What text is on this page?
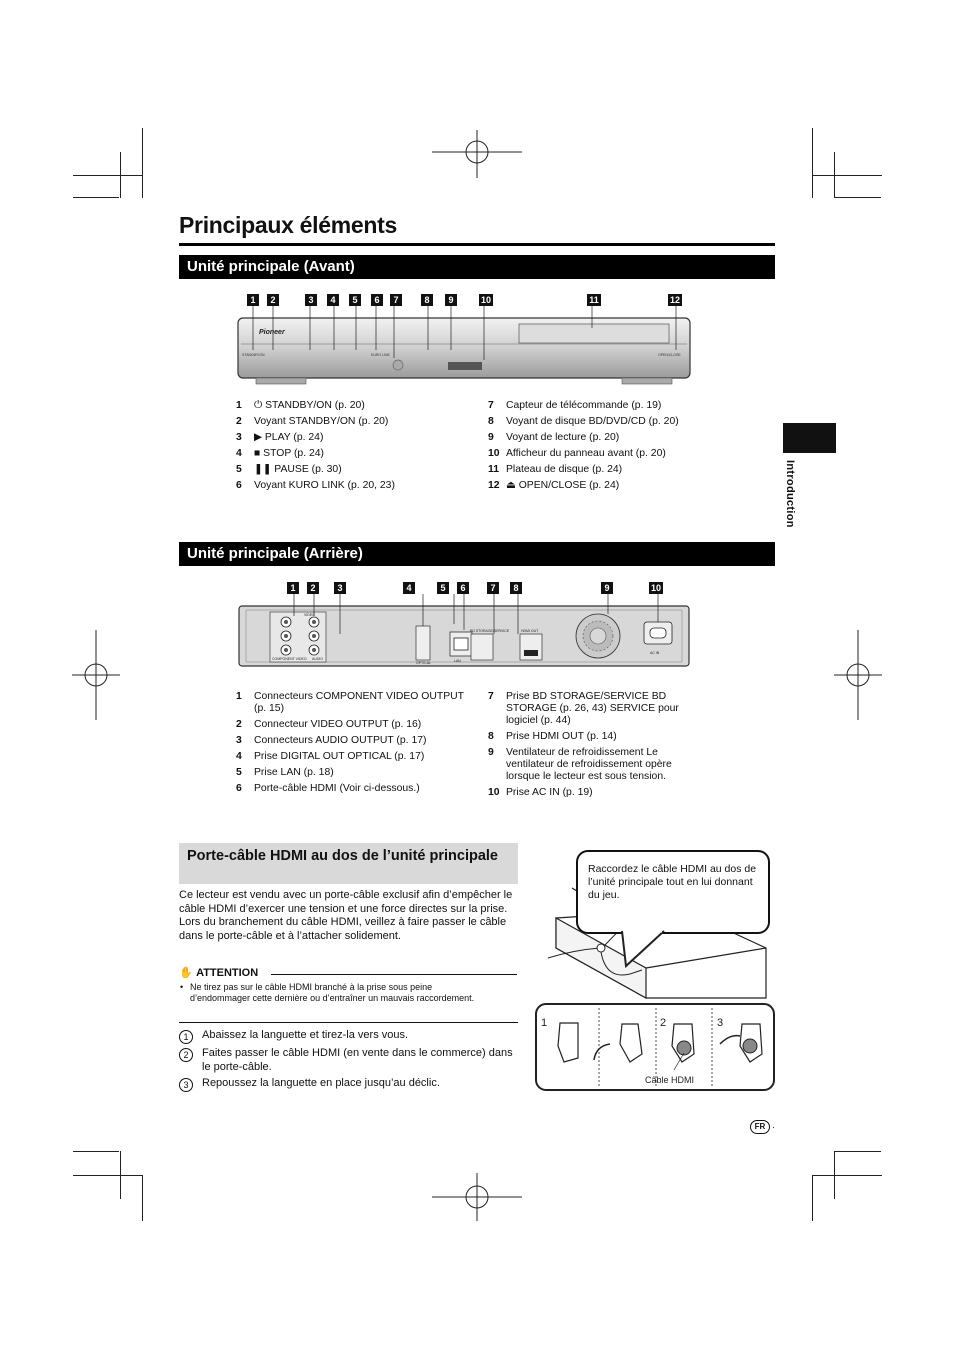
Principaux éléments
Introduction
Unité principale (Avant)
1	2	3	4	5	6	7	8	9	10	11	12
Pioneer
STANDBY/ON	KURO LINK	OPEN/CLOSE
1	⏻ STANDBY/ON (p. 20)
2	Voyant STANDBY/ON (p. 20)
3	▶ PLAY (p. 24)
4	■ STOP (p. 24)
5	❚❚ PAUSE (p. 30)
6	Voyant KURO LINK (p. 20, 23)
7	Capteur de télécommande (p. 19)
8	Voyant de disque BD/DVD/CD (p. 20)
9	Voyant de lecture (p. 20)
10 Afficheur du panneau avant (p. 20)
11 Plateau de disque (p. 24)
12 ⏏ OPEN/CLOSE (p. 24)
Unité principale (Arrière)
1	2	3	4	5	6	7	8	9	10
COMPONENT VIDEO AUDIO
VIDEO
OPTICAL	LAN
BD STORAGE/SERVICE	HDMI OUT
AC IN
1	Connecteurs COMPONENT VIDEO OUTPUT (p. 15)
2	Connecteur VIDEO OUTPUT (p. 16)
3	Connecteurs AUDIO OUTPUT (p. 17)
4	Prise DIGITAL OUT OPTICAL (p. 17)
5	Prise LAN (p. 18)
6	Porte-câble HDMI (Voir ci-dessous.)
7	Prise BD STORAGE/SERVICE BD STORAGE (p. 26, 43) SERVICE pour logiciel (p. 44)
8	Prise HDMI OUT (p. 14)
9	Ventilateur de refroidissement Le ventilateur de refroidissement opère lorsque le lecteur est sous tension.
10 Prise AC IN (p. 19)
Porte-câble HDMI au dos de l’unité principale
Ce lecteur est vendu avec un porte-câble exclusif afin d’empêcher le câble HDMI d’exercer une tension et une force directes sur la prise. Lors du branchement du câble HDMI, veillez à faire passer le câble dans le porte-câble et à l’attacher solidement.
✋ ATTENTION
• Ne tirez pas sur le câble HDMI branché à la prise sous peine d’endommager cette dernière ou d’entraîner un mauvais raccordement.
1	Abaissez la languette et tirez-la vers vous.
2	Faites passer le câble HDMI (en vente dans le commerce) dans le porte-câble.
3	Repoussez la languette en place jusqu’au déclic.
1	2	3
Câble HDMI
Raccordez le câble HDMI au dos de l’unité principale tout en lui donnant du jeu.
FR ·
